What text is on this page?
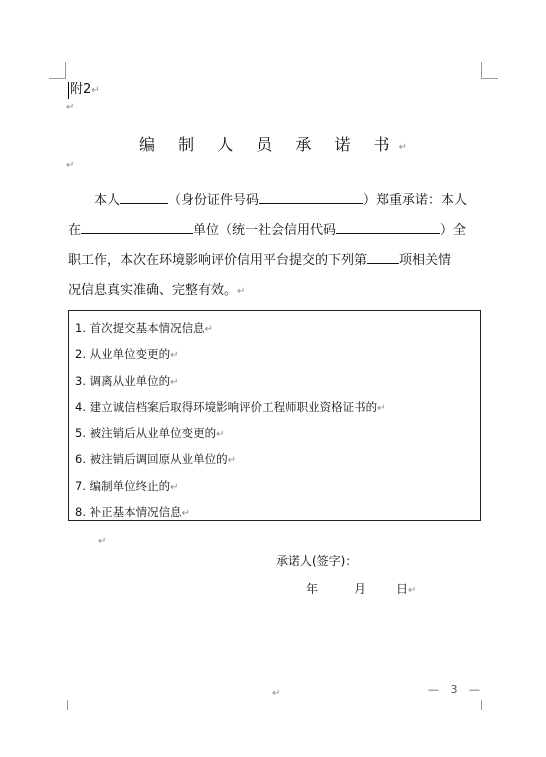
附2↵
↵
编 制 人 员 承 诺 书↵
↵
本人	（身份证件号码	）郑重承诺：本人
在	单位（统一社会信用代码	）全
职工作，本次在环境影响评价信用平台提交的下列第 项相关情
况信息真实准确、完整有效。↵
1. 首次提交基本情况信息↵
2. 从业单位变更的↵
3. 调离从业单位的↵
4. 建立诚信档案后取得环境影响评价工程师职业资格证书的↵
5. 被注销后从业单位变更的↵
6. 被注销后调回原从业单位的↵
7. 编制单位终止的↵
8. 补正基本情况信息↵
↵
承诺人(签字)：
年	月 日↵
↵	— 3 —
